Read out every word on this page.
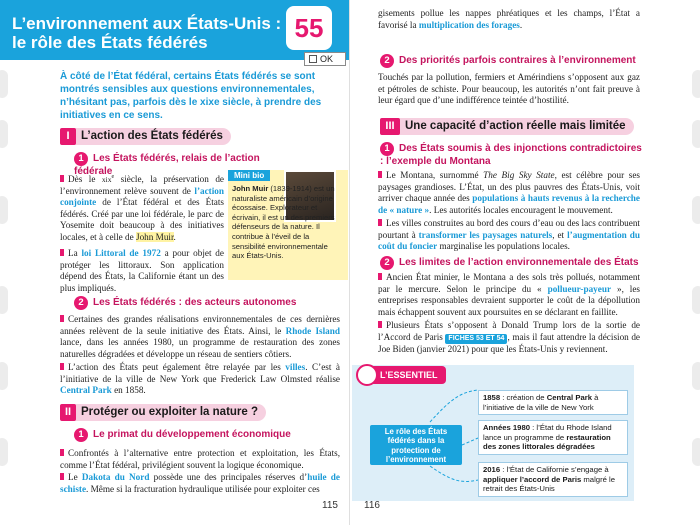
L’environnement aux États-Unis : le rôle des États fédérés	55
OK
À côté de l’État fédéral, certains États fédérés se sont montrés sensibles aux questions environnementales, n’hésitant pas, parfois dès le xixe siècle, à prendre des initiatives en ce sens.
I L’action des États fédérés
1 Les États fédérés, relais de l’action fédérale
Dès le xix$^e$ siècle, la préservation de l’environnement relève souvent de l’action conjointe de l’État fédéral et des États fédérés. Créé par une loi fédérale, le parc de Yosemite doit beaucoup à des initiatives locales, et à celle de John Muir.
La loi Littoral de 1972 a pour objet de protéger les littoraux. Son application dépend des États, la Californie étant un des plus impliqués.
Mini bio
John Muir (1839-1914) est un naturaliste américain d’origine écossaise. Explorateur et écrivain, il est un des premiers défenseurs de la nature. Il contribue à l’éveil de la sensibilité environnementale aux États-Unis.
2 Les États fédérés : des acteurs autonomes
Certaines des grandes réalisations environnementales de ces dernières années relèvent de la seule initiative des États. Ainsi, le Rhode Island lance, dans les années 1980, un programme de restauration des zones naturelles dégradées et développe un réseau de sentiers côtiers.
L’action des États peut également être relayée par les villes. C’est à l’initiative de la ville de New York que Frederick Law Olmsted réalise Central Park en 1858.
II Protéger ou exploiter la nature ?
1 Le primat du développement économique
Confrontés à l’alternative entre protection et exploitation, les États, comme l’État fédéral, privilégient souvent la logique économique.
Le Dakota du Nord possède une des principales réserves d’huile de schiste. Même si la fracturation hydraulique utilisée pour exploiter ces
115
gisements pollue les nappes phréatiques et les champs, l’État a favorisé la multiplication des forages.
2 Des priorités parfois contraires à l’environnement
Touchés par la pollution, fermiers et Amérindiens s’opposent aux gaz et pétroles de schiste. Pour beaucoup, les autorités n’ont fait preuve à leur égard que d’une indifférence teintée d’hostilité.
III Une capacité d’action réelle mais limitée
1 Des États soumis à des injonctions contradictoires : l’exemple du Montana
Le Montana, surnommé The Big Sky State, est célèbre pour ses paysages grandioses. L’État, un des plus pauvres des États-Unis, voit arriver chaque année des populations à hauts revenus à la recherche de « nature ». Les autorités locales encouragent le mouvement.
Les villes construites au bord des cours d’eau ou des lacs contribuent pourtant à transformer les paysages naturels, et l’augmentation du coût du foncier marginalise les populations locales.
2 Les limites de l’action environnementale des États
Ancien État minier, le Montana a des sols très pollués, notamment par le mercure. Selon le principe du « pollueur-payeur », les entreprises responsables devraient supporter le coût de la dépollution mais échappent souvent aux poursuites en se déclarant en faillite.
Plusieurs États s’opposent à Donald Trump lors de la sortie de l’Accord de Paris FICHES 53 ET 54 , mais il faut attendre la décision de Joe Biden (janvier 2021) pour que les États-Unis y reviennent.
L’ESSENTIEL
Le rôle des États fédérés dans la protection de l’environnement
1858 : création de Central Park à l’initiative de la ville de New York
Années 1980 : l’État du Rhode Island lance un programme de restauration des zones littorales dégradées
2016 : l’État de Californie s’engage à appliquer l’accord de Paris malgré le retrait des États-Unis
116
